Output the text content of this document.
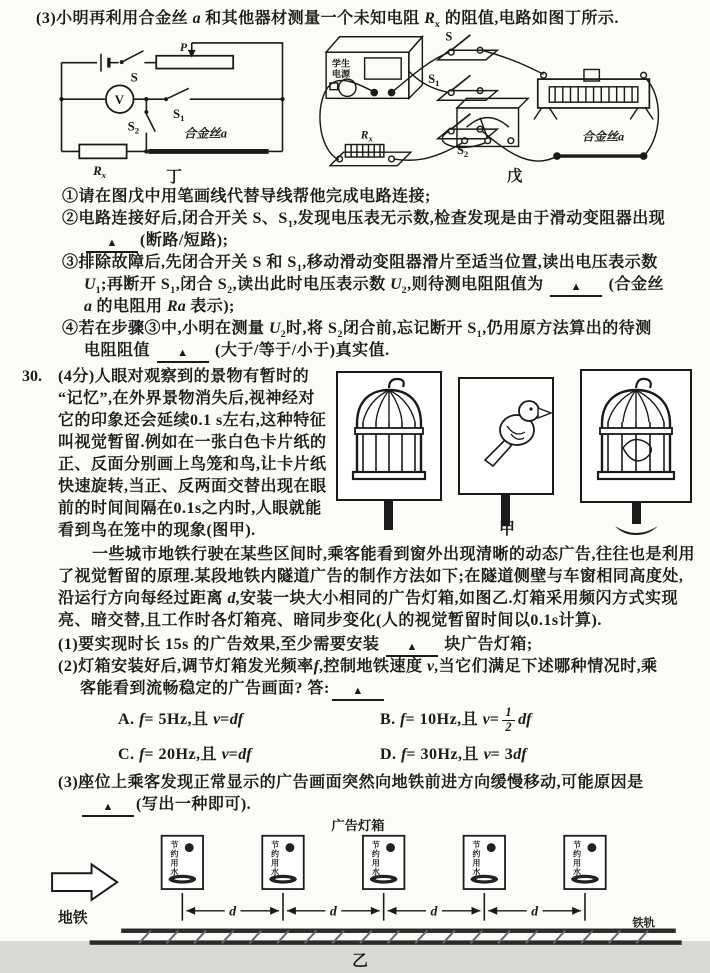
(3)小明再利用合金丝 a 和其他器材测量一个未知电阻 $R_x$ 的阻值,电路如图丁所示.
S
P
V
$S_1$
$S_2$
$R_x$
合金丝a
丁
学生
电源
S
$S_1$
$S_2$
$R_x$	合金丝a
戊
①请在图戊中用笔画线代替导线帮他完成电路连接;
②电路连接好后,闭合开关 S、$S_1$,发现电压表无示数,检查发现是由于滑动变阻器出现
▲ (断路/短路);
③排除故障后,先闭合开关 S 和 $S_1$,移动滑动变阻器滑片至适当位置,读出电压表示数
$U_1$;再断开 $S_1$,闭合 $S_2$,读出此时电压表示数 $U_2$,则待测电阻阻值为 ▲ (合金丝
a 的电阻用 Ra 表示);
④若在步骤③中,小明在测量 $U_2$时,将 $S_2$闭合前,忘记断开 $S_1$,仍用原方法算出的待测
电阻阻值 ▲ (大于/等于/小于)真实值.
30. (4分)人眼对观察到的景物有暂时的
“记忆”,在外界景物消失后,视神经对
它的印象还会延续0.1 s左右,这种特征
叫视觉暂留.例如在一张白色卡片纸的
正、反面分别画上鸟笼和鸟,让卡片纸
快速旋转,当正、反两面交替出现在眼
前的时间间隔在0.1s之内时,人眼就能
看到鸟在笼中的现象(图甲).	甲
一些城市地铁行驶在某些区间时,乘客能看到窗外出现清晰的动态广告,往往也是利用
了视觉暂留的原理.某段地铁内隧道广告的制作方法如下;在隧道侧壁与车窗相同高度处,
沿运行方向每经过距离 d,安装一块大小相同的广告灯箱,如图乙.灯箱采用频闪方式实现
亮、暗交替,且工作时各灯箱亮、暗同步变化(人的视觉暂留时间以0.1s计算).
(1)要实现时长 15s 的广告效果,至少需要安装 ▲ 块广告灯箱;
(2)灯箱安装好后,调节灯箱发光频率f,控制地铁速度 v,当它们满足下述哪种情况时,乘
客能看到流畅稳定的广告画面? 答: ▲
A. f= 5Hz,且 v=df	B. f= 10Hz,且 $v= \frac{1}{2}$ df
C. f= 20Hz,且 v=df	D. f= 30Hz,且 v= 3df
(3)座位上乘客发现正常显示的广告画面突然向地铁前进方向缓慢移动,可能原因是
▲ (写出一种即可).
广告灯箱
节约用水
节约用水
节约用水
节约用水
节约用水
d	d	d	d
地铁	铁轨
乙
